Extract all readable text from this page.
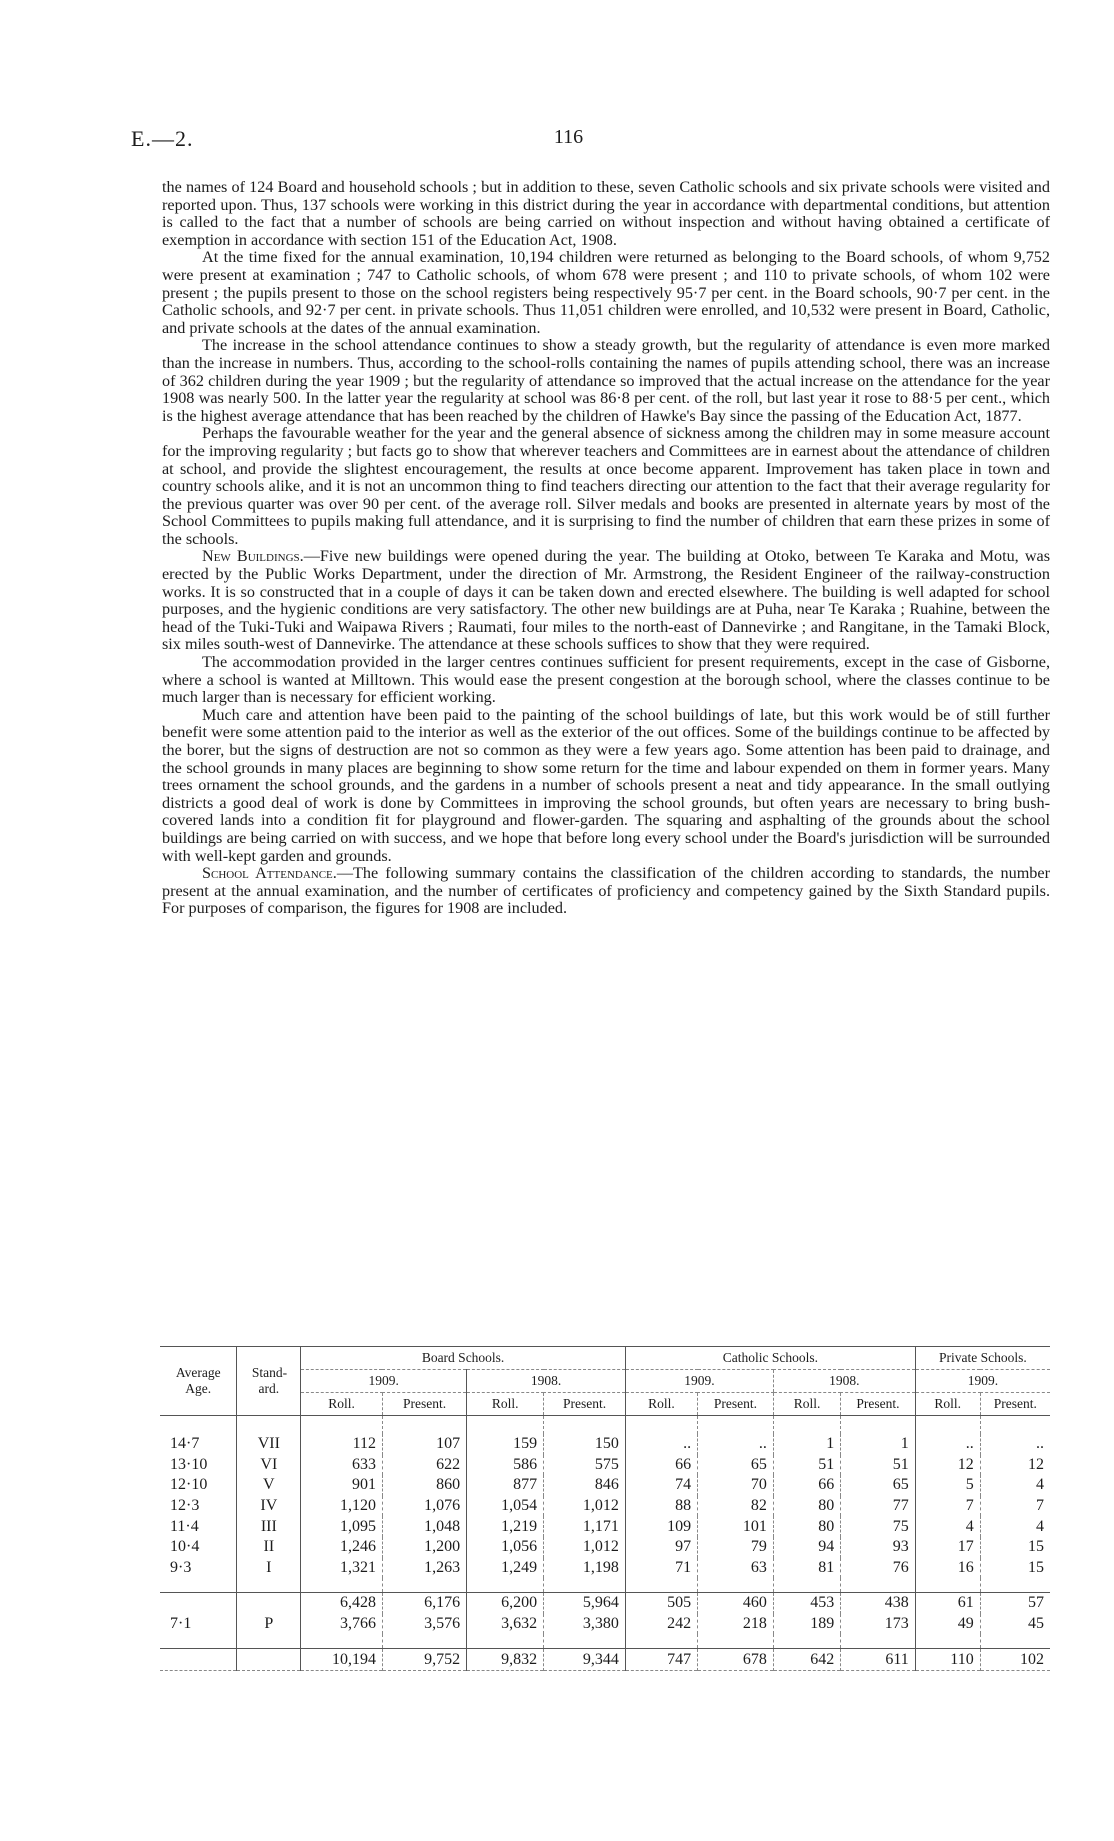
E.—2.	116

the names of 124 Board and household schools ; but in addition to these, seven Catholic schools and six private schools were visited and reported upon. Thus, 137 schools were working in this district during the year in accordance with departmental conditions, but attention is called to the fact that a number of schools are being carried on without inspection and without having obtained a certificate of exemption in accordance with section 151 of the Education Act, 1908.

At the time fixed for the annual examination, 10,194 children were returned as belonging to the Board schools, of whom 9,752 were present at examination ; 747 to Catholic schools, of whom 678 were present ; and 110 to private schools, of whom 102 were present ; the pupils present to those on the school registers being respectively 95·7 per cent. in the Board schools, 90·7 per cent. in the Catholic schools, and 92·7 per cent. in private schools. Thus 11,051 children were enrolled, and 10,532 were present in Board, Catholic, and private schools at the dates of the annual examination.

The increase in the school attendance continues to show a steady growth, but the regularity of attendance is even more marked than the increase in numbers. Thus, according to the school-rolls containing the names of pupils attending school, there was an increase of 362 children during the year 1909 ; but the regularity of attendance so improved that the actual increase on the attendance for the year 1908 was nearly 500. In the latter year the regularity at school was 86·8 per cent. of the roll, but last year it rose to 88·5 per cent., which is the highest average attendance that has been reached by the children of Hawke's Bay since the passing of the Education Act, 1877.

Perhaps the favourable weather for the year and the general absence of sickness among the children may in some measure account for the improving regularity ; but facts go to show that wherever teachers and Committees are in earnest about the attendance of children at school, and provide the slightest encouragement, the results at once become apparent. Improvement has taken place in town and country schools alike, and it is not an uncommon thing to find teachers directing our attention to the fact that their average regularity for the previous quarter was over 90 per cent. of the average roll. Silver medals and books are presented in alternate years by most of the School Committees to pupils making full attendance, and it is surprising to find the number of children that earn these prizes in some of the schools.

New Buildings.—Five new buildings were opened during the year. The building at Otoko, between Te Karaka and Motu, was erected by the Public Works Department, under the direction of Mr. Armstrong, the Resident Engineer of the railway-construction works. It is so constructed that in a couple of days it can be taken down and erected elsewhere. The building is well adapted for school purposes, and the hygienic conditions are very satisfactory. The other new buildings are at Puha, near Te Karaka ; Ruahine, between the head of the Tuki-Tuki and Waipawa Rivers ; Raumati, four miles to the north-east of Dannevirke ; and Rangitane, in the Tamaki Block, six miles south-west of Dannevirke. The attendance at these schools suffices to show that they were required.

The accommodation provided in the larger centres continues sufficient for present requirements, except in the case of Gisborne, where a school is wanted at Milltown. This would ease the present congestion at the borough school, where the classes continue to be much larger than is necessary for efficient working.

Much care and attention have been paid to the painting of the school buildings of late, but this work would be of still further benefit were some attention paid to the interior as well as the exterior of the out offices. Some of the buildings continue to be affected by the borer, but the signs of destruction are not so common as they were a few years ago. Some attention has been paid to drainage, and the school grounds in many places are beginning to show some return for the time and labour expended on them in former years. Many trees ornament the school grounds, and the gardens in a number of schools present a neat and tidy appearance. In the small outlying districts a good deal of work is done by Committees in improving the school grounds, but often years are necessary to bring bush-covered lands into a condition fit for playground and flower-garden. The squaring and asphalting of the grounds about the school buildings are being carried on with success, and we hope that before long every school under the Board's jurisdiction will be surrounded with well-kept garden and grounds.

School Attendance.—The following summary contains the classification of the children according to standards, the number present at the annual examination, and the number of certificates of proficiency and competency gained by the Sixth Standard pupils. For purposes of comparison, the figures for 1908 are included.

Average Age.	Stand-ard.	Board Schools.				Catholic Schools.				Private Schools.	
		1909.		1908.		1909.		1908.		1909.	
		Roll.	Present.	Roll.	Present.	Roll.	Present.	Roll.	Present.	Roll.	Present.

14·7	VII	112	107	159	150	..	..	1	1	..	..
13·10	VI	633	622	586	575	66	65	51	51	12	12
12·10	V	901	860	877	846	74	70	66	65	5	4
12·3	IV	1,120	1,076	1,054	1,012	88	82	80	77	7	7
11·4	III	1,095	1,048	1,219	1,171	109	101	80	75	4	4
10·4	II	1,246	1,200	1,056	1,012	97	79	94	93	17	15
9·3	I	1,321	1,263	1,249	1,198	71	63	81	76	16	15

		6,428	6,176	6,200	5,964	505	460	453	438	61	57
7·1	P	3,766	3,576	3,632	3,380	242	218	189	173	49	45

		10,194	9,752	9,832	9,344	747	678	642	611	110	102
